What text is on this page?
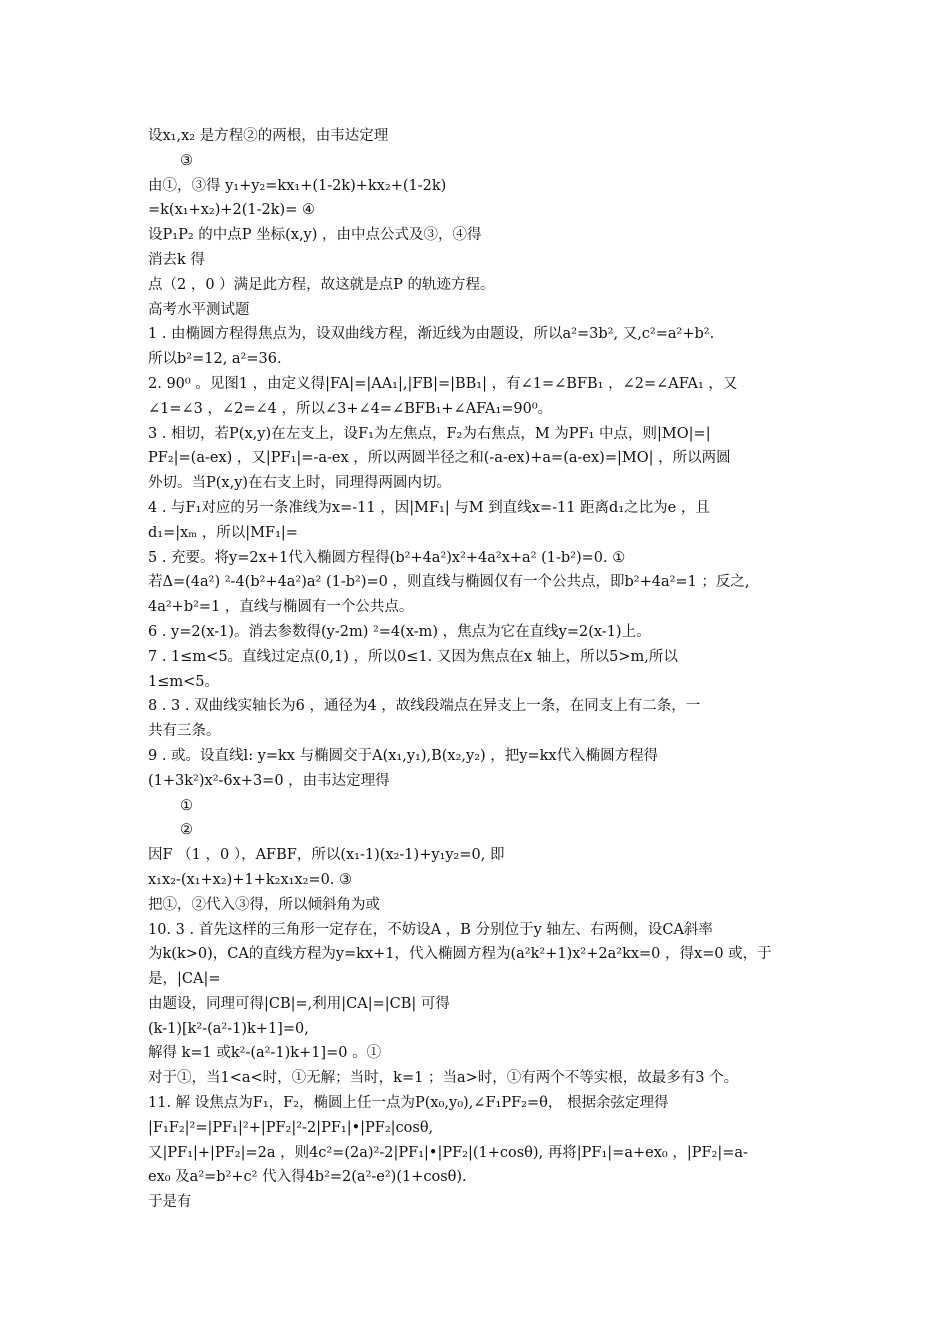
设x₁,x₂ 是方程②的两根，由韦达定理
③
由①，③得 y₁+y₂=kx₁+(1-2k)+kx₂+(1-2k)
=k(x₁+x₂)+2(1-2k)= ④
设P₁P₂ 的中点P 坐标(x,y) ，由中点公式及③，④得
消去k 得
点（2 ，0 ）满足此方程，故这就是点P 的轨迹方程。
高考水平测试题
1 . 由椭圆方程得焦点为，设双曲线方程，渐近线为由题设，所以a²=3b², 又,c²=a²+b².
所以b²=12, a²=36.
2. 90⁰ 。见图1 ，由定义得|FA|=|AA₁|,|FB|=|BB₁| ，有∠1=∠BFB₁ ，∠2=∠AFA₁ ，又
∠1=∠3 ，∠2=∠4 ，所以∠3+∠4=∠BFB₁+∠AFA₁=90⁰。
3 . 相切，若P(x,y)在左支上，设F₁为左焦点，F₂为右焦点，M 为PF₁ 中点，则|MO|=|
PF₂|=(a-ex) ，又|PF₁|=-a-ex ，所以两圆半径之和(-a-ex)+a=(a-ex)=|MO| ，所以两圆
外切。当P(x,y)在右支上时，同理得两圆内切。
4 . 与F₁对应的另一条准线为x=-11 ，因|MF₁| 与M 到直线x=-11 距离d₁之比为e ，且
d₁=|xₘ ，所以|MF₁|=
5 . 充要。将y=2x+1代入椭圆方程得(b²+4a²)x²+4a²x+a² (1-b²)=0. ①
若Δ=(4a²) ²-4(b²+4a²)a² (1-b²)=0 ，则直线与椭圆仅有一个公共点，即b²+4a²=1 ；反之,
4a²+b²=1 ，直线与椭圆有一个公共点。
6 . y=2(x-1)。消去参数得(y-2m) ²=4(x-m) ，焦点为它在直线y=2(x-1)上。
7 . 1≤m<5。直线过定点(0,1) ，所以0≤1. 又因为焦点在x 轴上，所以5>m,所以
1≤m<5。
8 . 3 . 双曲线实轴长为6 ，通径为4 ，故线段端点在异支上一条，在同支上有二条，一
共有三条。
9 . 或。设直线l: y=kx 与椭圆交于A(x₁,y₁),B(x₂,y₂) ，把y=kx代入椭圆方程得
(1+3k²)x²-6x+3=0 ，由韦达定理得
①
②
因F （1 ，0 ），AFBF，所以(x₁-1)(x₂-1)+y₁y₂=0, 即
x₁x₂-(x₁+x₂)+1+k₂x₁x₂=0. ③
把①，②代入③得，所以倾斜角为或
10. 3 . 首先这样的三角形一定存在，不妨设A ，B 分别位于y 轴左、右两侧，设CA斜率
为k(k>0)，CA的直线方程为y=kx+1，代入椭圆方程为(a²k²+1)x²+2a²kx=0 ，得x=0 或，于
是，|CA|=
由题设，同理可得|CB|=,利用|CA|=|CB| 可得
(k-1)[k²-(a²-1)k+1]=0,
解得 k=1 或k²-(a²-1)k+1]=0 。①
对于①，当1<a<时，①无解；当时，k=1 ；当a>时，①有两个不等实根，故最多有3 个。
11. 解 设焦点为F₁，F₂，椭圆上任一点为P(x₀,y₀),∠F₁PF₂=θ， 根据余弦定理得
|F₁F₂|²=|PF₁|²+|PF₂|²-2|PF₁|•|PF₂|cosθ,
又|PF₁|+|PF₂|=2a ，则4c²=(2a)²-2|PF₁|•|PF₂|(1+cosθ), 再将|PF₁|=a+ex₀ ，|PF₂|=a-
ex₀ 及a²=b²+c² 代入得4b²=2(a²-e²)(1+cosθ).
于是有
